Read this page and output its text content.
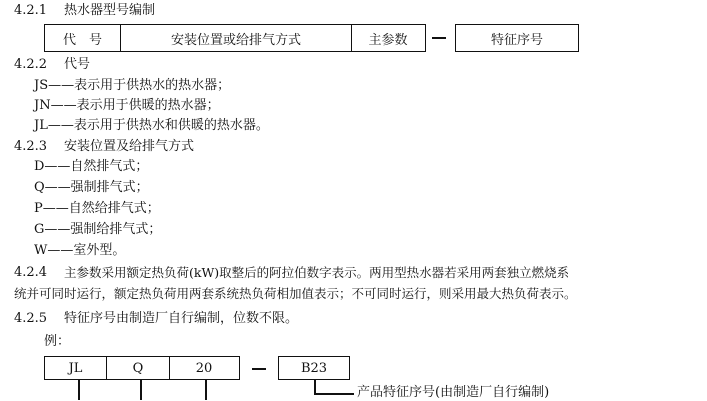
4.2.1 热水器型号编制
代　号	安装位置或给排气方式	主参数	特征序号
4.2.2 代号
JS——表示用于供热水的热水器；
JN——表示用于供暖的热水器；
JL——表示用于供热水和供暖的热水器。
4.2.3 安装位置及给排气方式
D——自然排气式；
Q——强制排气式；
P——自然给排气式；
G——强制给排气式；
W——室外型。
4.2.4 主参数采用额定热负荷(kW)取整后的阿拉伯数字表示。两用型热水器若采用两套独立燃烧系
统并可同时运行，额定热负荷用两套系统热负荷相加值表示；不可同时运行，则采用最大热负荷表示。
4.2.5 特征序号由制造厂自行编制，位数不限。
例：
JL	Q	20	B23
产品特征序号(由制造厂自行编制)
